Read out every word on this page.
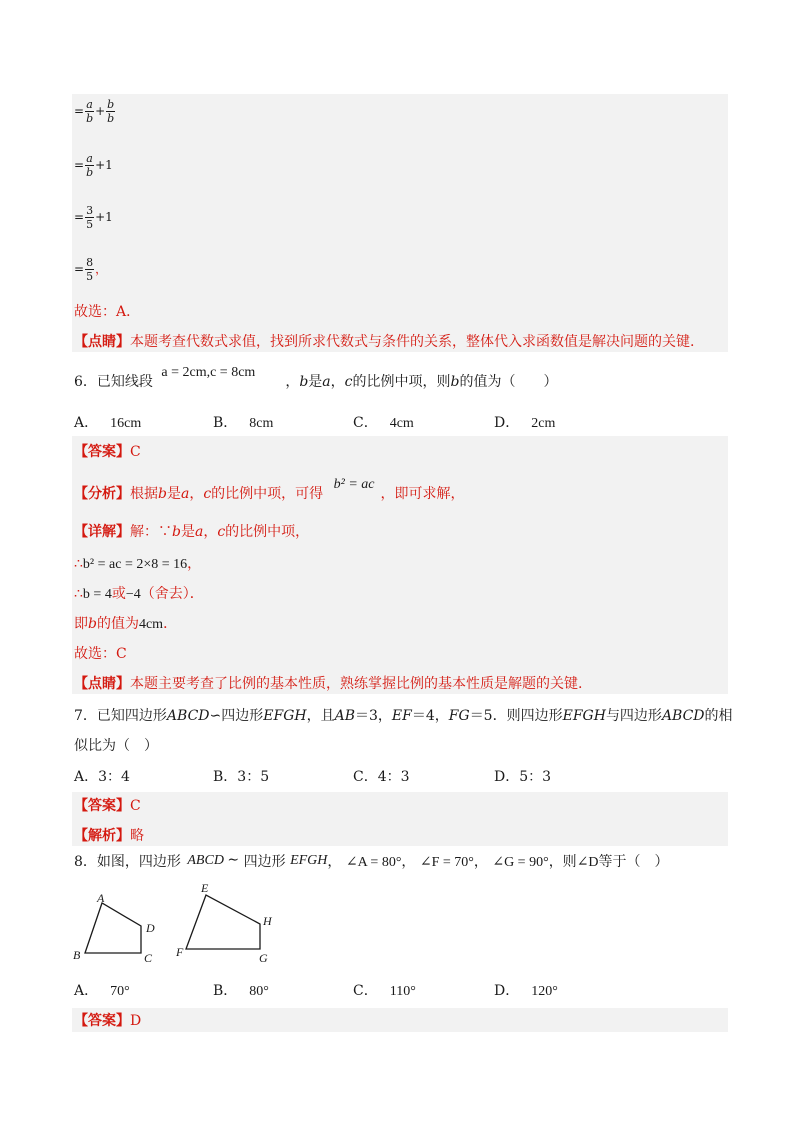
= $\frac{a}{b} + \frac{b}{b}$
= $\frac{a}{b} +1$
= $\frac{3}{5} +1$
= $\frac{8}{5}$ ，
故选：A．
【点睛】本题考查代数式求值，找到所求代数式与条件的关系，整体代入求函数值是解决问题的关键.
6．已知线段 a = 2cm,c = 8cm，b是a，c的比例中项，则b的值为（　　）
A． 16cm	B． 8cm	C． 4cm	D． 2cm
【答案】C
【分析】根据b是a，c的比例中项，可得 b² = ac，即可求解，
【详解】解：∵b是a，c的比例中项，
∴b² = ac = 2×8 = 16，
∴b = 4或−4（舍去）．
即b的值为4cm．
故选：C
【点睛】本题主要考查了比例的基本性质，熟练掌握比例的基本性质是解题的关键.
7．已知四边形ABCD∽四边形EFGH，且AB＝3，EF＝4，FG＝5．则四边形EFGH与四边形ABCD的相
似比为（　）
A．3：4	B．3：5	C．4：3	D．5：3
【答案】C
【解析】略
8．如图，四边形 ABCD ∼ 四边形 EFGH， ∠A = 80°， ∠F = 70°， ∠G = 90°，则∠D等于（　）
A
B	C
D
E
F	G
H
A． 70°	B． 80°	C． 110°	D． 120°
【答案】D
